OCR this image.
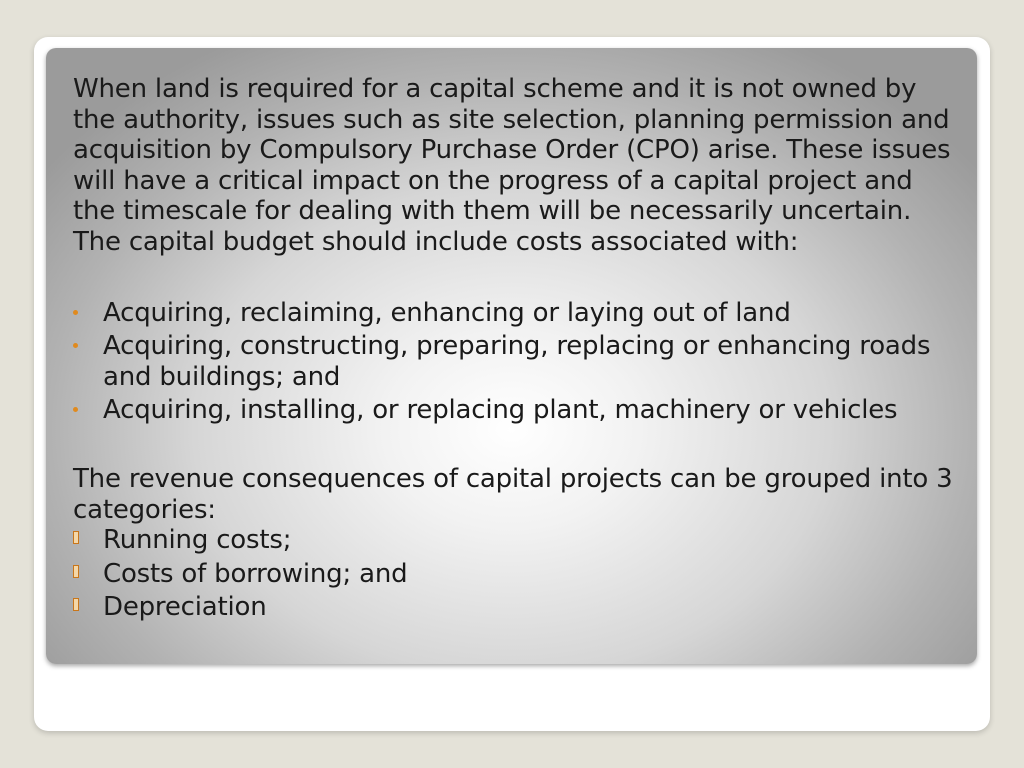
When land is required for a capital scheme and it is not owned by the authority, issues such as site selection, planning permission and acquisition by Compulsory Purchase Order (CPO) arise. These issues will have a critical impact on the progress of a capital project and the timescale for dealing with them will be necessarily uncertain. The capital budget should include costs associated with:

Acquiring, reclaiming, enhancing or laying out of land
Acquiring, constructing, preparing, replacing or enhancing roads and buildings; and
Acquiring, installing, or replacing plant, machinery or vehicles

The revenue consequences of capital projects can be grouped into 3 categories:

Running costs;
Costs of borrowing; and
Depreciation
